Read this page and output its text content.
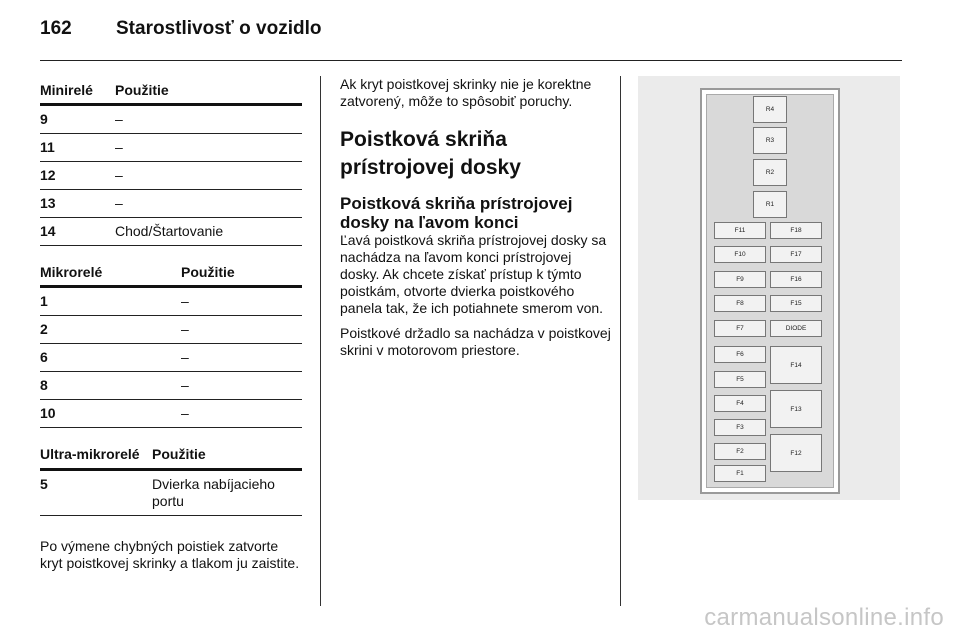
162	Starostlivosť o vozidlo
Minirelé	Použitie
9	–
11	–
12	–
13	–
14	Chod/Štartovanie
Mikrorelé	Použitie
1	–
2	–
6	–
8	–
10	–
Ultra-mikrorelé Použitie
5	Dvierka nabíjacieho portu

Po výmene chybných poistiek zatvorte kryt poistkovej skrinky a tlakom ju zaistite.

Ak kryt poistkovej skrinky nie je korektne zatvorený, môže to spôsobiť poruchy.

Poistková skriňa prístrojovej dosky
Poistková skriňa prístrojovej dosky na ľavom konci

Ľavá poistková skriňa prístrojovej dosky sa nachádza na ľavom konci prístrojovej dosky. Ak chcete získať prístup k týmto poistkám, otvorte dvierka poistkového panela tak, že ich potiahnete smerom von.

Poistkové držadlo sa nachádza v poistkovej skrini v motorovom priestore.

R4
R3
R2
R1
F11
F10
F9
F8
F7
F6
F5
F4
F3
F2
F1
F18
F17
F16
F15
DIODE
F14
F13
F12
carmanualsonline.info
